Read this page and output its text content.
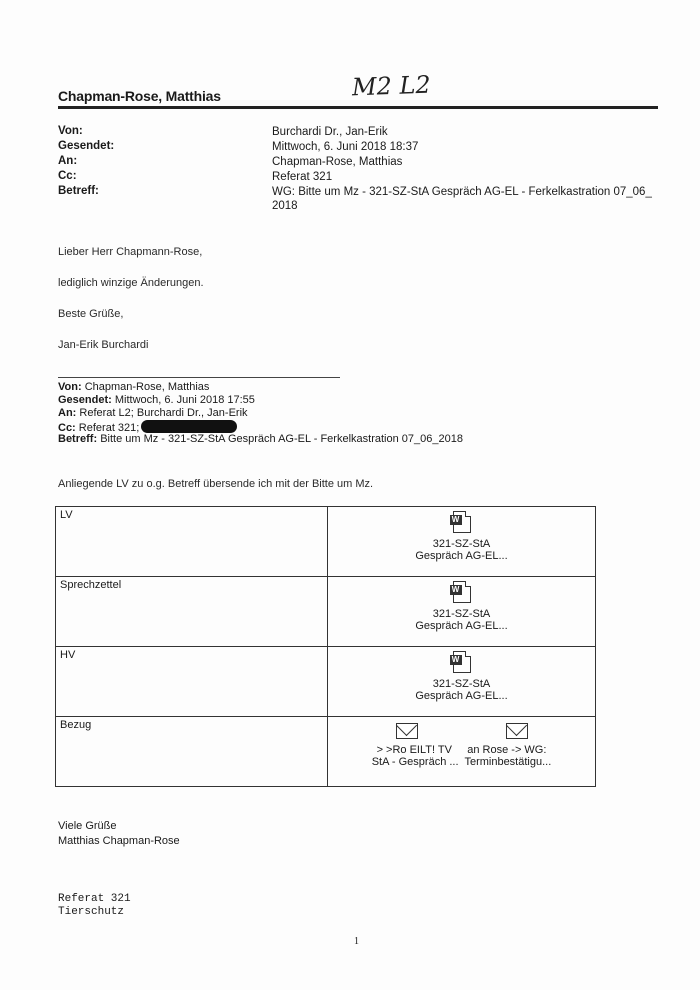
Chapman-Rose, Matthias	M2 L2
Von:	Burchardi Dr., Jan-Erik
Gesendet:	Mittwoch, 6. Juni 2018 18:37
An:	Chapman-Rose, Matthias
Cc:	Referat 321
Betreff:	WG: Bitte um Mz - 321-SZ-StA Gespräch AG-EL - Ferkelkastration 07_06_ 2018
Lieber Herr Chapmann-Rose,
lediglich winzige Änderungen.
Beste Grüße,
Jan-Erik Burchardi
Von: Chapman-Rose, Matthias
Gesendet: Mittwoch, 6. Juni 2018 17:55
An: Referat L2; Burchardi Dr., Jan-Erik
Cc: Referat 321;
Betreff: Bitte um Mz - 321-SZ-StA Gespräch AG-EL - Ferkelkastration 07_06_2018
Anliegende LV zu o.g. Betreff übersende ich mit der Bitte um Mz.
LV	W
321-SZ-StA
Gespräch AG-EL...

Sprechzettel	W
321-SZ-StA
Gespräch AG-EL...

HV	W
321-SZ-StA
Gespräch AG-EL...

Bezug	> >Ro EILT! TV     an Rose -> WG:
StA - Gespräch ...  Terminbestätigu...
Viele Grüße
Matthias Chapman-Rose
Referat 321
Tierschutz
1
